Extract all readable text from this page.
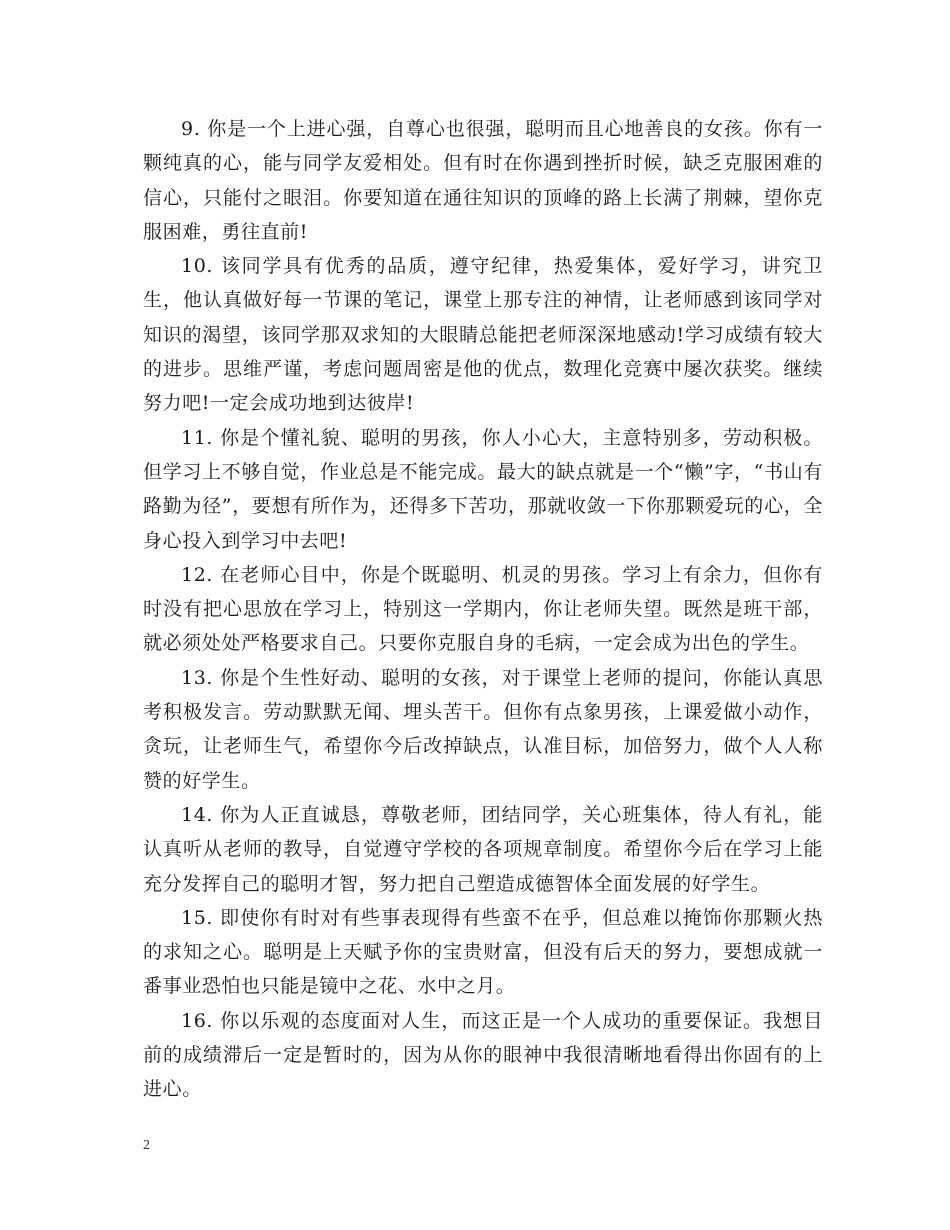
9. 你是一个上进心强，自尊心也很强，聪明而且心地善良的女孩。你有一颗纯真的心，能与同学友爱相处。但有时在你遇到挫折时候，缺乏克服困难的信心，只能付之眼泪。你要知道在通往知识的顶峰的路上长满了荆棘，望你克服困难，勇往直前!

10. 该同学具有优秀的品质，遵守纪律，热爱集体，爱好学习，讲究卫生，他认真做好每一节课的笔记，课堂上那专注的神情，让老师感到该同学对知识的渴望，该同学那双求知的大眼睛总能把老师深深地感动!学习成绩有较大的进步。思维严谨，考虑问题周密是他的优点，数理化竞赛中屡次获奖。继续努力吧!一定会成功地到达彼岸!

11. 你是个懂礼貌、聪明的男孩，你人小心大，主意特别多，劳动积极。但学习上不够自觉，作业总是不能完成。最大的缺点就是一个“懒”字，“书山有路勤为径”，要想有所作为，还得多下苦功，那就收敛一下你那颗爱玩的心，全身心投入到学习中去吧!

12. 在老师心目中，你是个既聪明、机灵的男孩。学习上有余力，但你有时没有把心思放在学习上，特别这一学期内，你让老师失望。既然是班干部，就必须处处严格要求自己。只要你克服自身的毛病，一定会成为出色的学生。

13. 你是个生性好动、聪明的女孩，对于课堂上老师的提问，你能认真思考积极发言。劳动默默无闻、埋头苦干。但你有点象男孩，上课爱做小动作，贪玩，让老师生气，希望你今后改掉缺点，认准目标，加倍努力，做个人人称赞的好学生。

14. 你为人正直诚恳，尊敬老师，团结同学，关心班集体，待人有礼，能认真听从老师的教导，自觉遵守学校的各项规章制度。希望你今后在学习上能充分发挥自己的聪明才智，努力把自己塑造成德智体全面发展的好学生。

15. 即使你有时对有些事表现得有些蛮不在乎，但总难以掩饰你那颗火热的求知之心。聪明是上天赋予你的宝贵财富，但没有后天的努力，要想成就一番事业恐怕也只能是镜中之花、水中之月。

16. 你以乐观的态度面对人生，而这正是一个人成功的重要保证。我想目前的成绩滞后一定是暂时的，因为从你的眼神中我很清晰地看得出你固有的上进心。

2
